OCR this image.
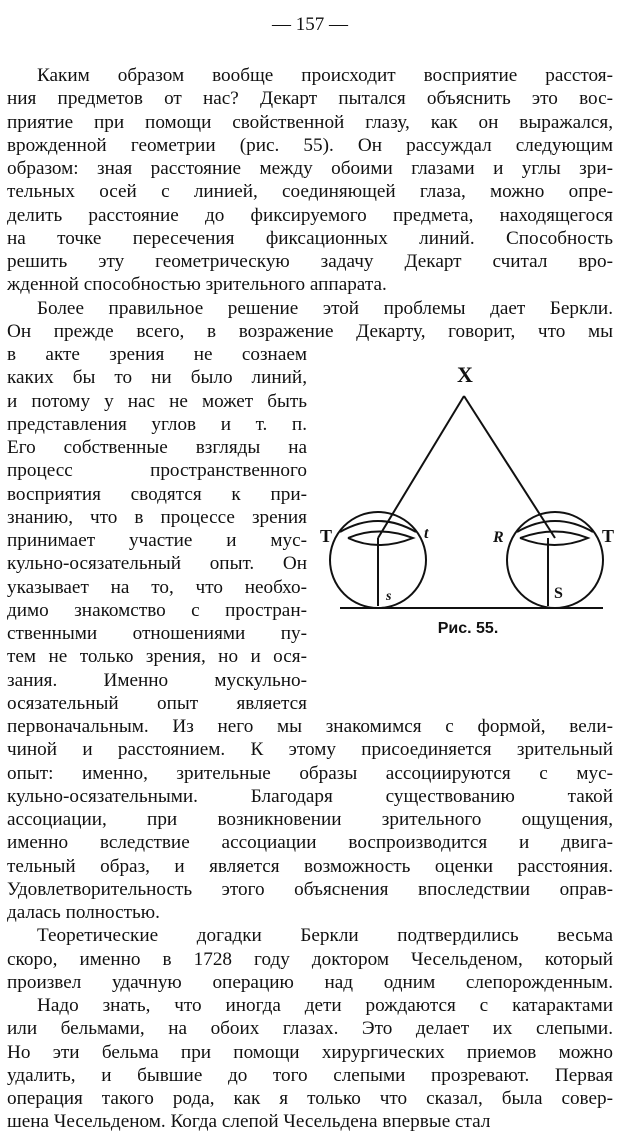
— 157 —
Каким образом вообще происходит восприятие расстоя-
ния предметов от нас? Декарт пытался объяснить это вос-
приятие при помощи свойственной глазу, как он выражался,
врожденной геометрии (рис. 55). Он рассуждал следующим
образом: зная расстояние между обоими глазами и углы зри-
тельных осей с линией, соединяющей глаза, можно опре-
делить расстояние до фиксируемого предмета, находящегося
на точке пересечения фиксационных линий. Способность
решить эту геометрическую задачу Декарт считал вро-
жденной способностью зрительного аппарата.
Более правильное решение этой проблемы дает Беркли.
Он прежде всего, в возражение Декарту, говорит, что мы
в акте зрения не сознаем
каких бы то ни было линий,
и потому у нас не может быть
представления углов и т. п.
Его собственные взгляды на
процесс пространственного
восприятия сводятся к при-
знанию, что в процессе зрения
принимает участие и мус-
кульно-осязательный опыт. Он
указывает на то, что необхо-
димо знакомство с простран-
ственными отношениями пу-
тем не только зрения, но и ося-
зания. Именно мускульно-
осязательный опыт является
первоначальным. Из него мы знакомимся с формой, вели-
чиной и расстоянием. К этому присоединяется зрительный
опыт: именно, зрительные образы ассоциируются с мус-
кульно-осязательными. Благодаря существованию такой
ассоциации, при возникновении зрительного ощущения,
именно вследствие ассоциации воспроизводится и двига-
тельный образ, и является возможность оценки расстояния.
Удовлетворительность этого объяснения впоследствии оправ-
далась полностью.
Теоретические догадки Беркли подтвердились весьма
скоро, именно в 1728 году доктором Чесельденом, который
произвел удачную операцию над одним слепорожденным.
Надо знать, что иногда дети рождаются с катарактами
или бельмами, на обоих глазах. Это делает их слепыми.
Но эти бельма при помощи хирургических приемов можно
удалить, и бывшие до того слепыми прозревают. Первая
операция такого рода, как я только что сказал, была совер-
шена Чесельденом. Когда слепой Чесельдена впервые стал
X
T	t
s
R	T
S
Рис. 55.
